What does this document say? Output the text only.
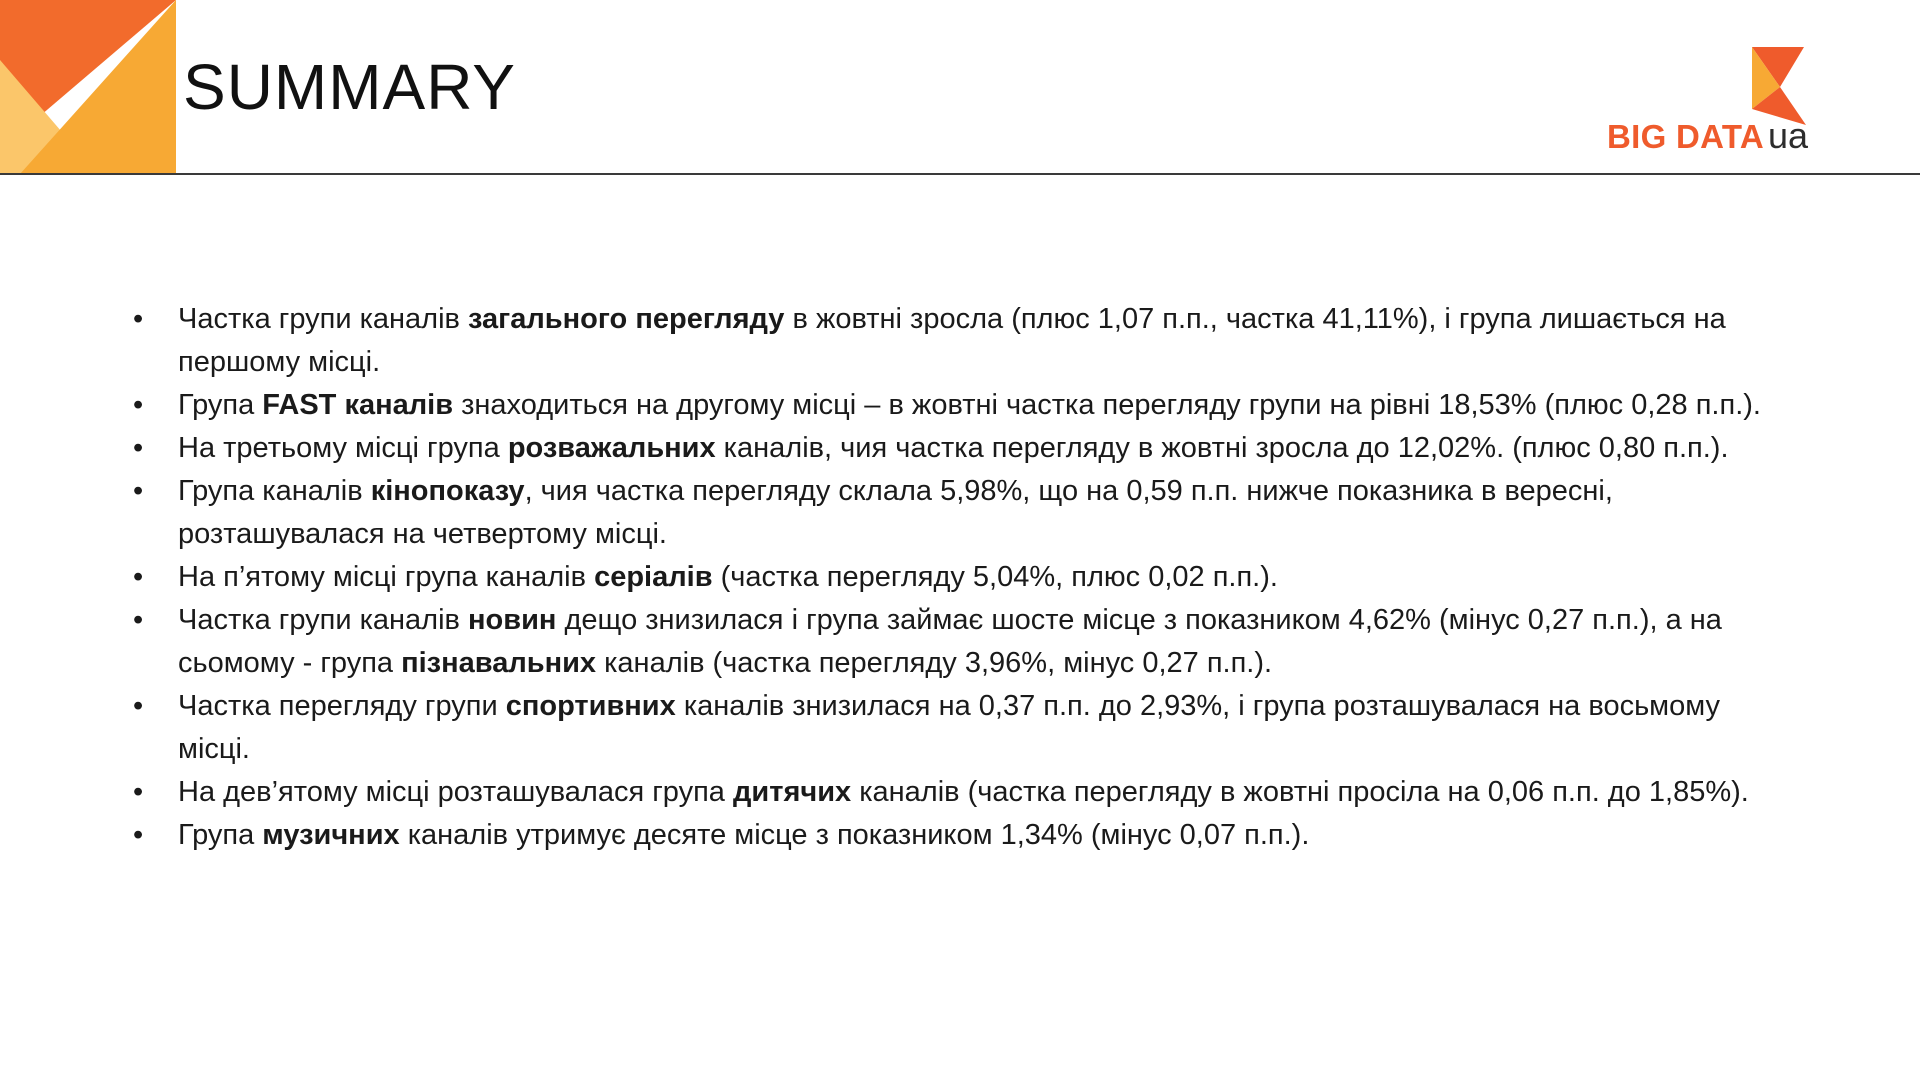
SUMMARY
BIG DATA ua
• Частка групи каналів загального перегляду в жовтні зросла (плюс 1,07 п.п., частка 41,11%), і група лишається на першому місці.
• Група FAST каналів знаходиться на другому місці – в жовтні частка перегляду групи на рівні 18,53% (плюс 0,28 п.п.).
• На третьому місці група розважальних каналів, чия частка перегляду в жовтні зросла до 12,02%. (плюс 0,80 п.п.).
• Група каналів кінопоказу, чия частка перегляду склала 5,98%, що на 0,59 п.п. нижче показника в вересні, розташувалася на четвертому місці.
• На п’ятому місці група каналів серіалів (частка перегляду 5,04%, плюс 0,02 п.п.).
• Частка групи каналів новин дещо знизилася і група займає шосте місце з показником 4,62% (мінус 0,27 п.п.), а на сьомому - група пізнавальних каналів (частка перегляду 3,96%, мінус 0,27 п.п.).
• Частка перегляду групи спортивних каналів знизилася на 0,37 п.п. до 2,93%, і група розташувалася на восьмому місці.
• На дев’ятому місці розташувалася група дитячих каналів (частка перегляду в жовтні просіла на 0,06 п.п. до 1,85%).
• Група музичних каналів утримує десяте місце з показником 1,34% (мінус 0,07 п.п.).
